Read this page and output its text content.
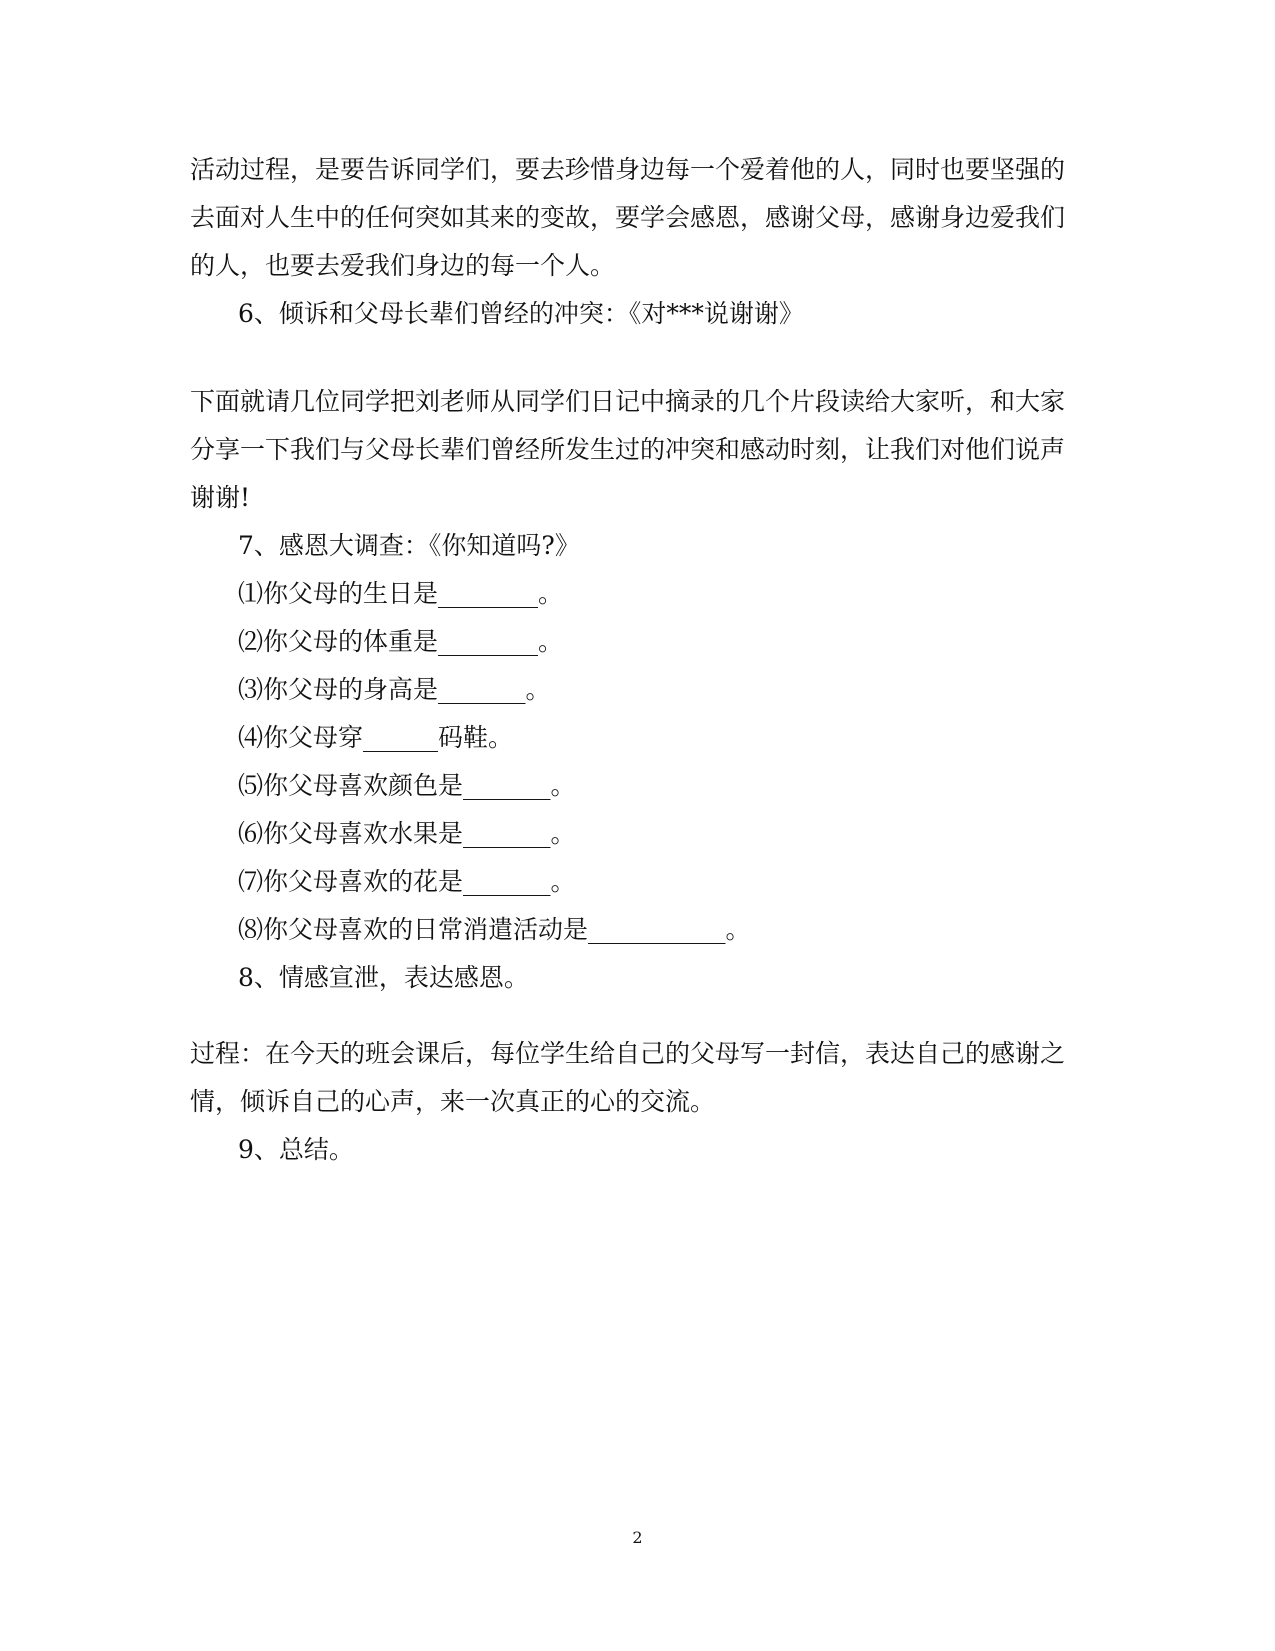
活动过程，是要告诉同学们，要去珍惜身边每一个爱着他的人，同时也要坚强的
去面对人生中的任何突如其来的变故，要学会感恩，感谢父母，感谢身边爱我们
的人，也要去爱我们身边的每一个人。
6、倾诉和父母长辈们曾经的冲突：《对***说谢谢》
下面就请几位同学把刘老师从同学们日记中摘录的几个片段读给大家听，和大家
分享一下我们与父母长辈们曾经所发生过的冲突和感动时刻，让我们对他们说声
谢谢!
7、感恩大调查：《你知道吗?》
⑴你父母的生日是________。
⑵你父母的体重是________。
⑶你父母的身高是_______。
⑷你父母穿______码鞋。
⑸你父母喜欢颜色是_______。
⑹你父母喜欢水果是_______。
⑺你父母喜欢的花是_______。
⑻你父母喜欢的日常消遣活动是___________。
8、情感宣泄，表达感恩。
过程：在今天的班会课后，每位学生给自己的父母写一封信，表达自己的感谢之
情，倾诉自己的心声，来一次真正的心的交流。
9、总结。
2
